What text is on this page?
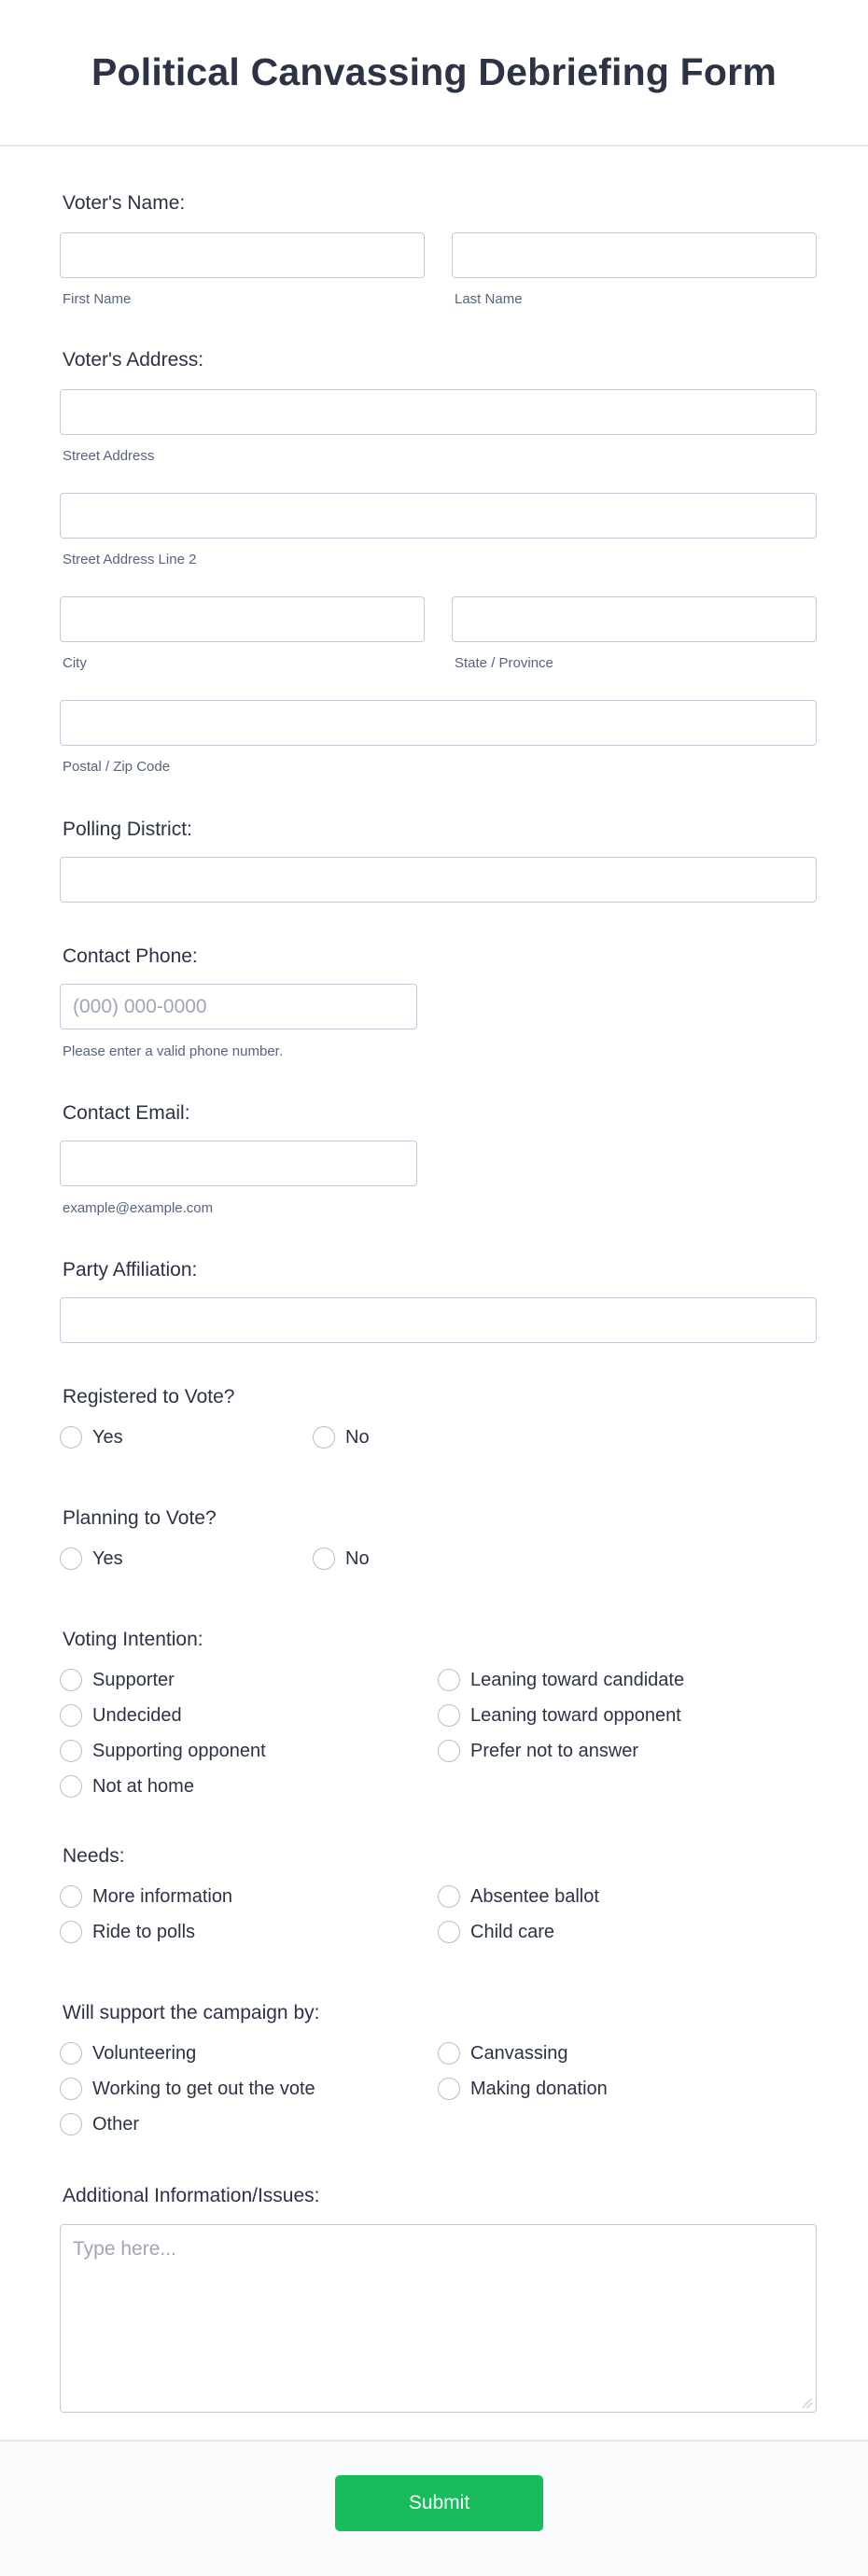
Political Canvassing Debriefing Form
Voter's Name:
First Name	Last Name
Voter's Address:
Street Address
Street Address Line 2
City	State / Province
Postal / Zip Code
Polling District:
Contact Phone:
(000) 000-0000
Please enter a valid phone number.
Contact Email:
example@example.com
Party Affiliation:
Registered to Vote?
Yes	No
Planning to Vote?
Yes	No
Voting Intention:
Supporter	Leaning toward candidate
Undecided	Leaning toward opponent
Supporting opponent	Prefer not to answer
Not at home
Needs:
More information	Absentee ballot
Ride to polls	Child care
Will support the campaign by:
Volunteering	Canvassing
Working to get out the vote	Making donation
Other
Additional Information/Issues:
Type here...
Submit
